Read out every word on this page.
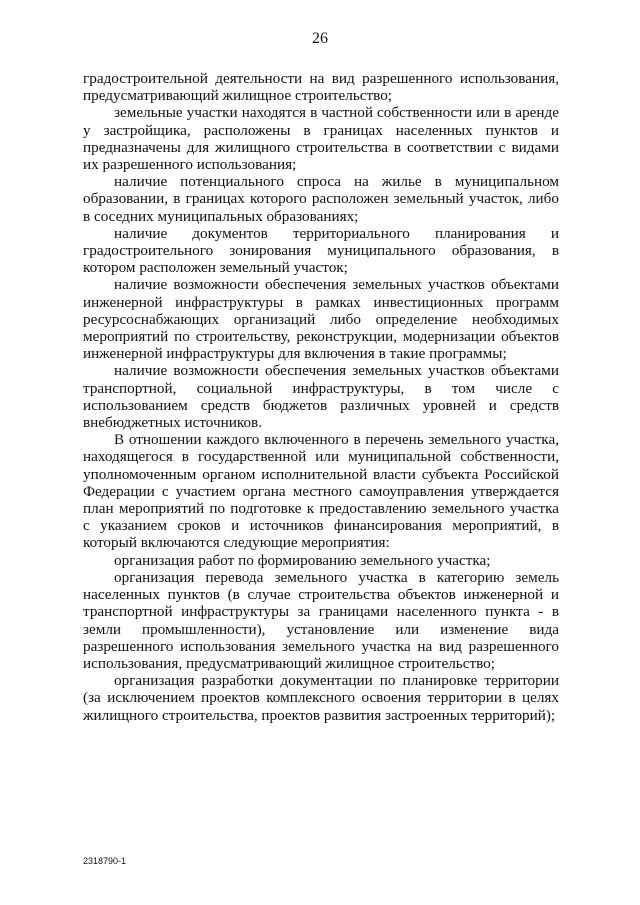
26

градостроительной деятельности на вид разрешенного использования, предусматривающий жилищное строительство;

земельные участки находятся в частной собственности или в аренде у застройщика, расположены в границах населенных пунктов и предназначены для жилищного строительства в соответствии с видами их разрешенного использования;

наличие потенциального спроса на жилье в муниципальном образовании, в границах которого расположен земельный участок, либо в соседних муниципальных образованиях;

наличие документов территориального планирования и градостроительного зонирования муниципального образования, в котором расположен земельный участок;

наличие возможности обеспечения земельных участков объектами инженерной инфраструктуры в рамках инвестиционных программ ресурсоснабжающих организаций либо определение необходимых мероприятий по строительству, реконструкции, модернизации объектов инженерной инфраструктуры для включения в такие программы;

наличие возможности обеспечения земельных участков объектами транспортной, социальной инфраструктуры, в том числе с использованием средств бюджетов различных уровней и средств внебюджетных источников.

В отношении каждого включенного в перечень земельного участка, находящегося в государственной или муниципальной собственности, уполномоченным органом исполнительной власти субъекта Российской Федерации с участием органа местного самоуправления утверждается план мероприятий по подготовке к предоставлению земельного участка с указанием сроков и источников финансирования мероприятий, в который включаются следующие мероприятия:

организация работ по формированию земельного участка;

организация перевода земельного участка в категорию земель населенных пунктов (в случае строительства объектов инженерной и транспортной инфраструктуры за границами населенного пункта - в земли промышленности), установление или изменение вида разрешенного использования земельного участка на вид разрешенного использования, предусматривающий жилищное строительство;

организация разработки документации по планировке территории (за исключением проектов комплексного освоения территории в целях жилищного строительства, проектов развития застроенных территорий);

2318790-1
